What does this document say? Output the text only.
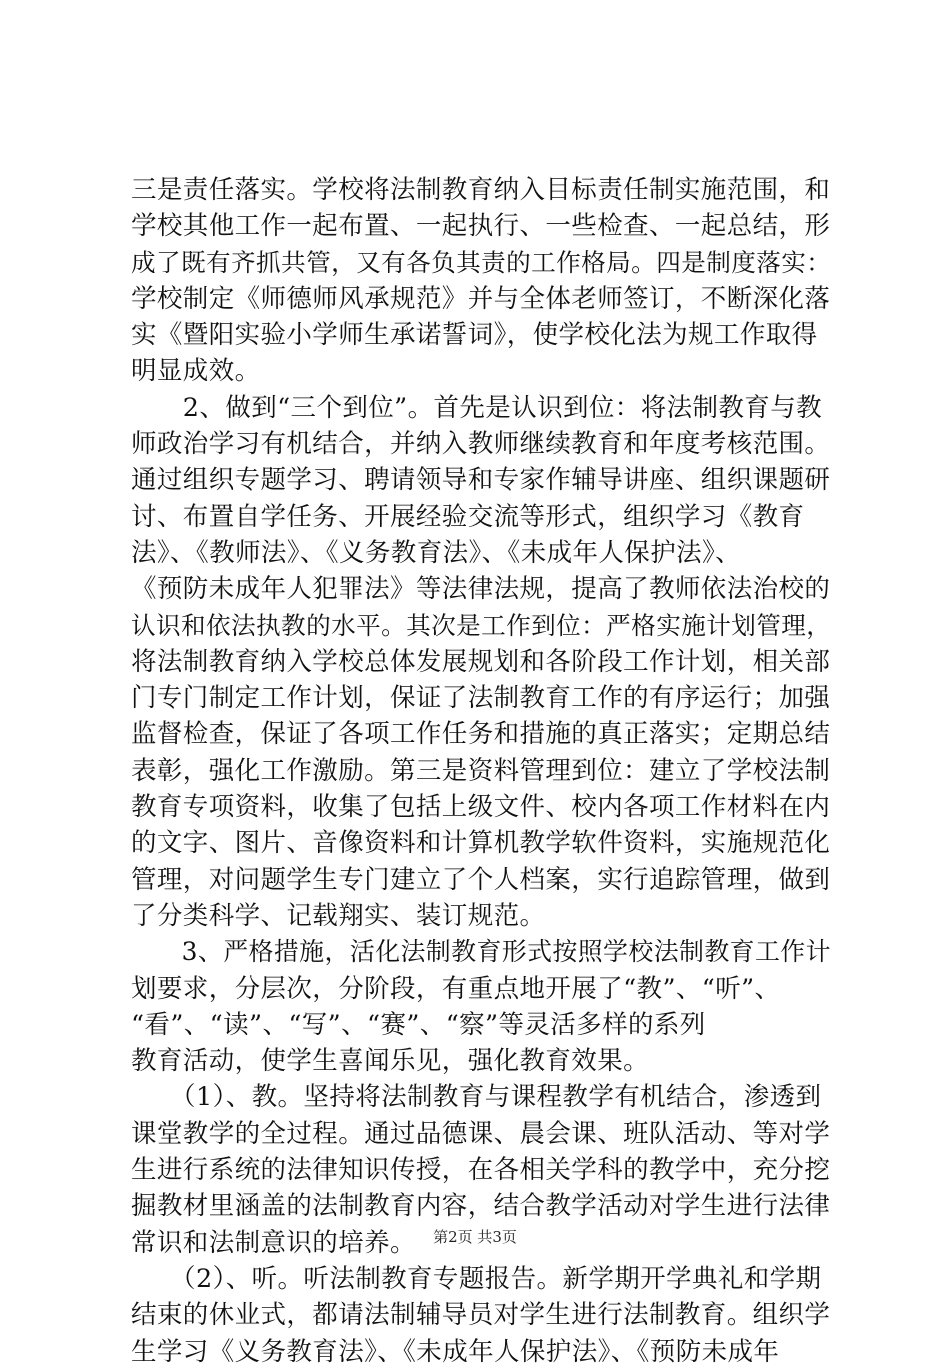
三是责任落实。学校将法制教育纳入目标责任制实施范围，和
学校其他工作一起布置、一起执行、一些检查、一起总结，形
成了既有齐抓共管，又有各负其责的工作格局。四是制度落实：
学校制定《师德师风承规范》并与全体老师签订，不断深化落
实《暨阳实验小学师生承诺誓词》，使学校化法为规工作取得
明显成效。
　　2、做到“三个到位”。首先是认识到位：将法制教育与教
师政治学习有机结合，并纳入教师继续教育和年度考核范围。
通过组织专题学习、聘请领导和专家作辅导讲座、组织课题研
讨、布置自学任务、开展经验交流等形式，组织学习《教育
法》、《教师法》、《义务教育法》、《未成年人保护法》、
《预防未成年人犯罪法》等法律法规，提高了教师依法治校的
认识和依法执教的水平。其次是工作到位：严格实施计划管理，
将法制教育纳入学校总体发展规划和各阶段工作计划，相关部
门专门制定工作计划，保证了法制教育工作的有序运行；加强
监督检查，保证了各项工作任务和措施的真正落实；定期总结
表彰，强化工作激励。第三是资料管理到位：建立了学校法制
教育专项资料，收集了包括上级文件、校内各项工作材料在内
的文字、图片、音像资料和计算机教学软件资料，实施规范化
管理，对问题学生专门建立了个人档案，实行追踪管理，做到
了分类科学、记载翔实、装订规范。
　　3、严格措施，活化法制教育形式按照学校法制教育工作计
划要求，分层次，分阶段，有重点地开展了“教”、“听”、
“看”、“读”、“写”、“赛”、“察”等灵活多样的系列
教育活动，使学生喜闻乐见，强化教育效果。
　　（1）、教。坚持将法制教育与课程教学有机结合，渗透到
课堂教学的全过程。通过品德课、晨会课、班队活动、等对学
生进行系统的法律知识传授，在各相关学科的教学中，充分挖
掘教材里涵盖的法制教育内容，结合教学活动对学生进行法律
常识和法制意识的培养。
　　（2）、听。听法制教育专题报告。新学期开学典礼和学期
结束的休业式，都请法制辅导员对学生进行法制教育。组织学
生学习《义务教育法》、《未成年人保护法》、《预防未成年
第2页 共3页
